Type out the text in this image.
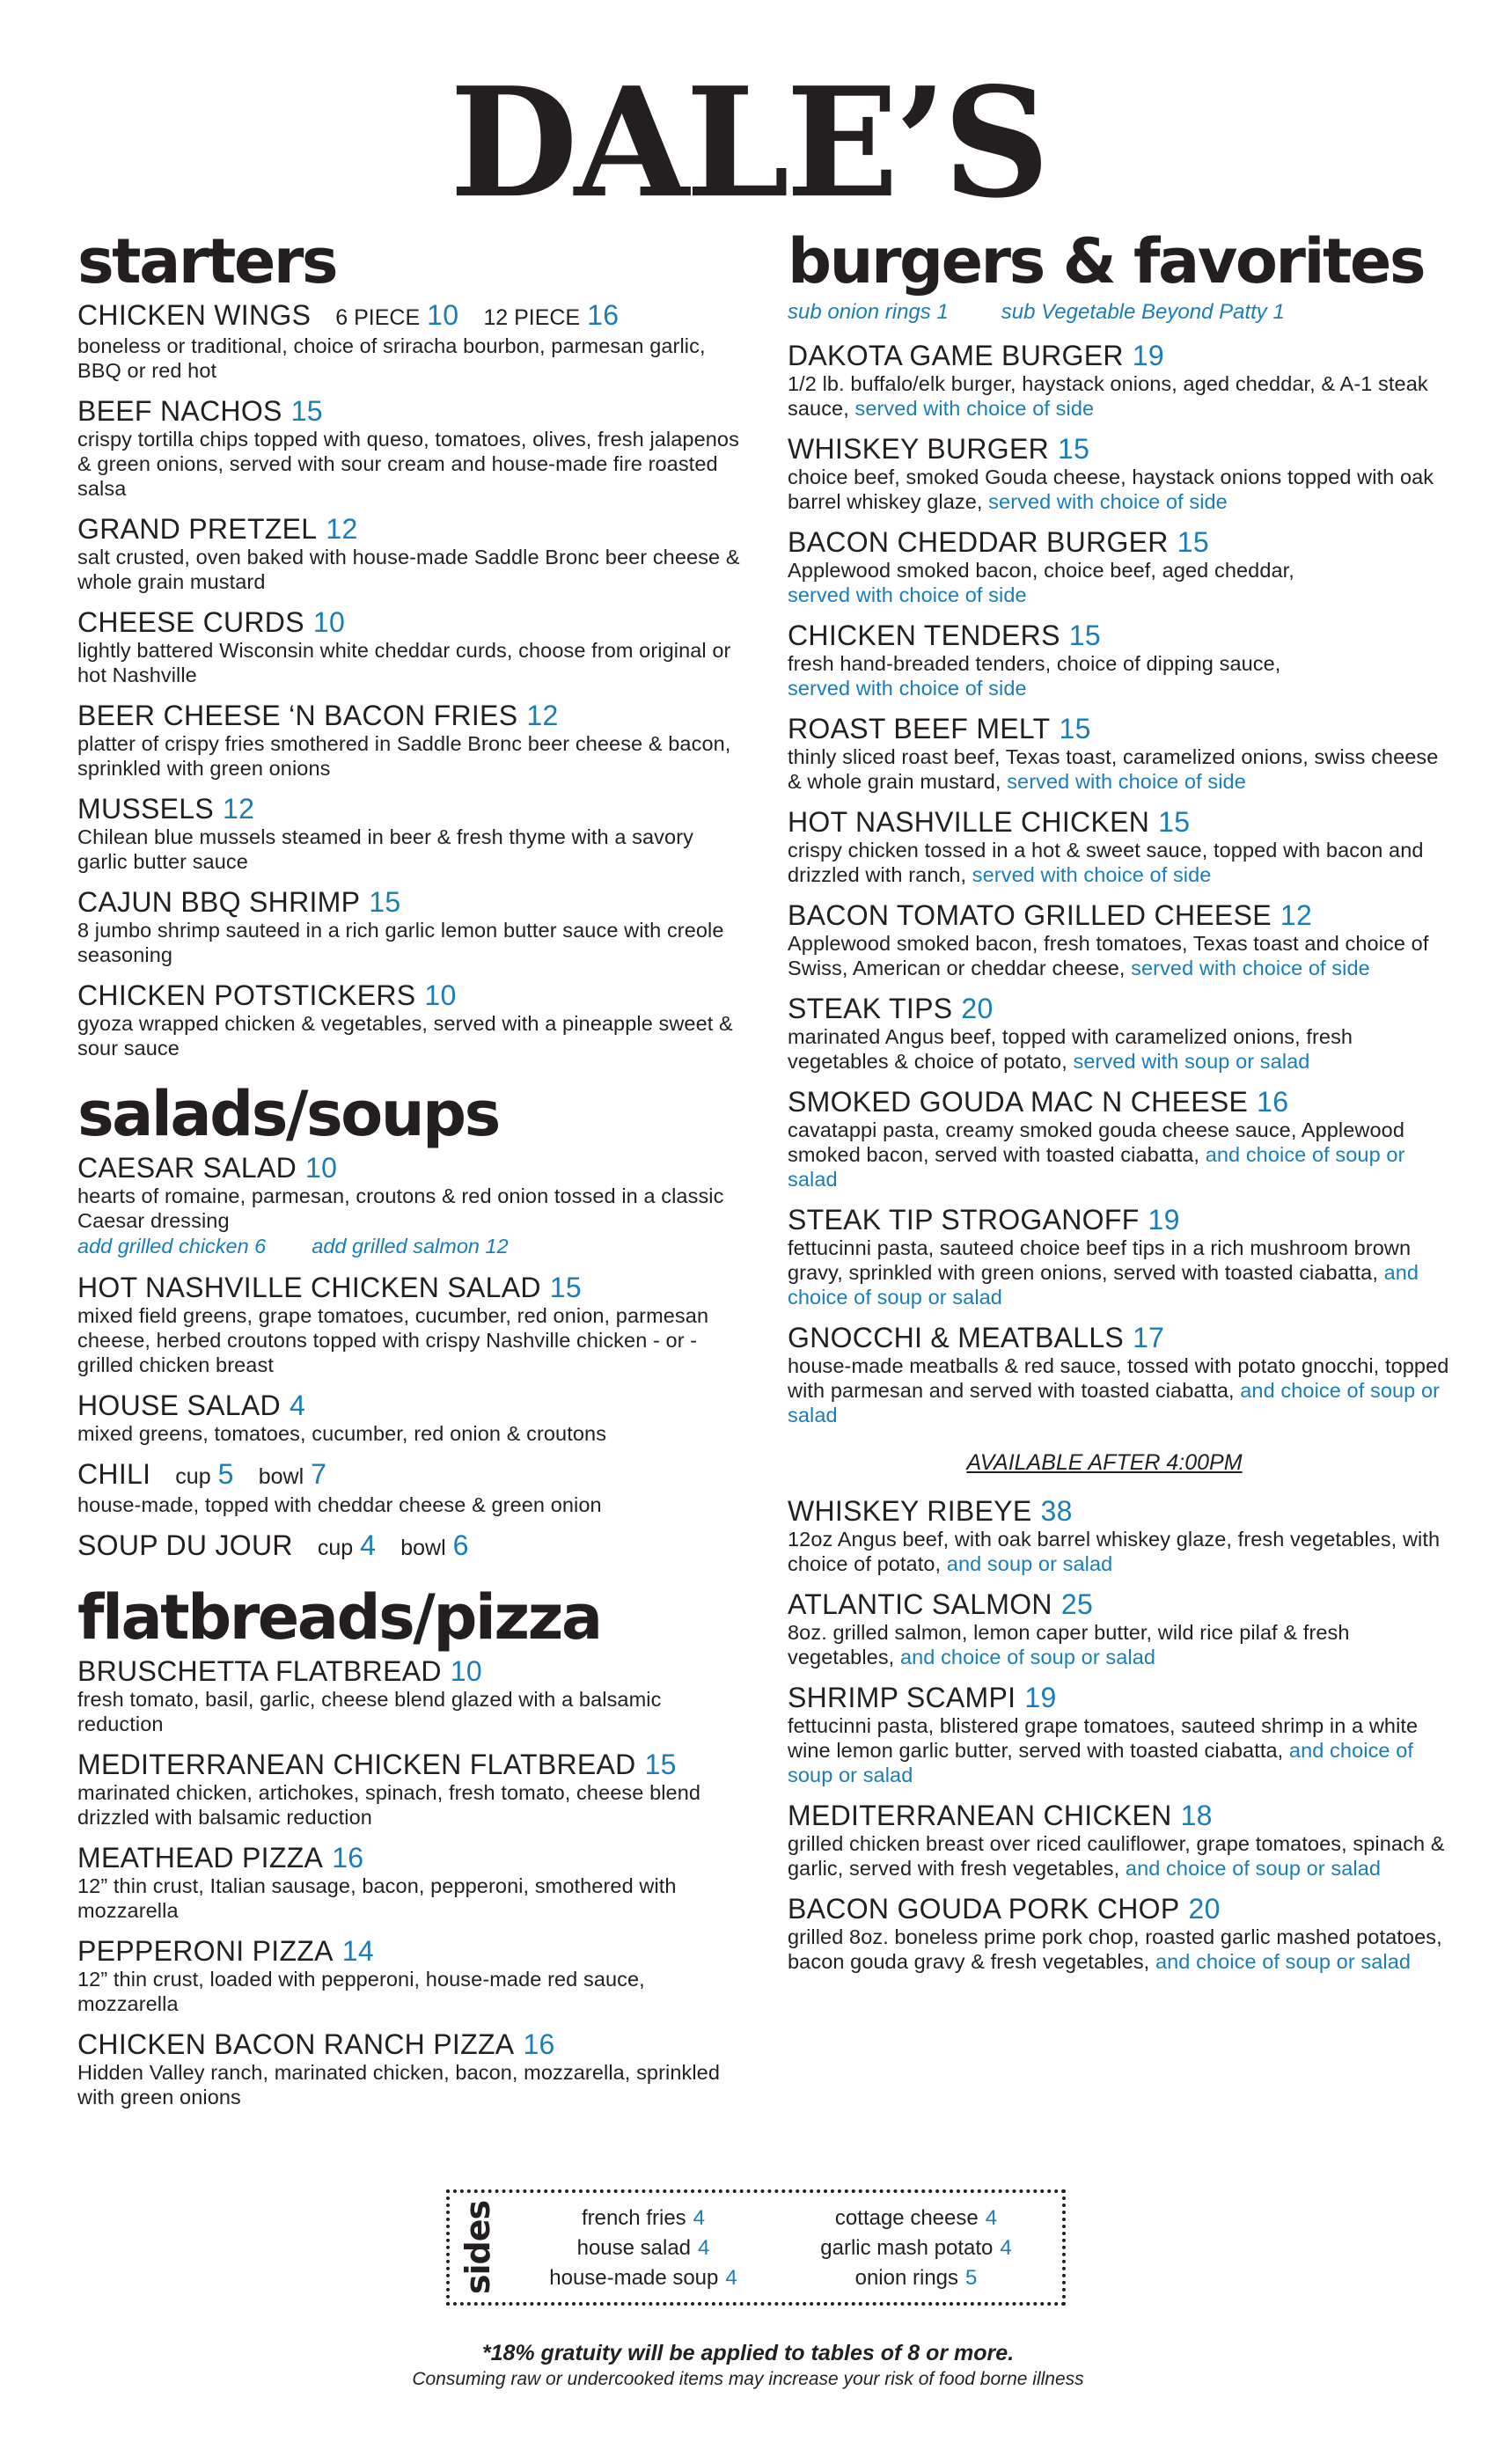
DALE’S
starters
CHICKEN WINGS 6 PIECE 10 12 PIECE 16
boneless or traditional, choice of sriracha bourbon, parmesan garlic, BBQ or red hot
BEEF NACHOS 15
crispy tortilla chips topped with queso, tomatoes, olives, fresh jalapenos & green onions, served with sour cream and house-made fire roasted salsa
GRAND PRETZEL 12
salt crusted, oven baked with house-made Saddle Bronc beer cheese & whole grain mustard
CHEESE CURDS 10
lightly battered Wisconsin white cheddar curds, choose from original or hot Nashville
BEER CHEESE ‘N BACON FRIES 12
platter of crispy fries smothered in Saddle Bronc beer cheese & bacon, sprinkled with green onions
MUSSELS 12
Chilean blue mussels steamed in beer & fresh thyme with a savory garlic butter sauce
CAJUN BBQ SHRIMP 15
8 jumbo shrimp sauteed in a rich garlic lemon butter sauce with creole seasoning
CHICKEN POTSTICKERS 10
gyoza wrapped chicken & vegetables, served with a pineapple sweet & sour sauce
salads/soups
CAESAR SALAD 10
hearts of romaine, parmesan, croutons & red onion tossed in a classic Caesar dressing
add grilled chicken 6 add grilled salmon 12
HOT NASHVILLE CHICKEN SALAD 15
mixed field greens, grape tomatoes, cucumber, red onion, parmesan cheese, herbed croutons topped with crispy Nashville chicken - or - grilled chicken breast
HOUSE SALAD 4
mixed greens, tomatoes, cucumber, red onion & croutons
CHILI cup 5 bowl 7
house-made, topped with cheddar cheese & green onion
SOUP DU JOUR cup 4 bowl 6
flatbreads/pizza
BRUSCHETTA FLATBREAD 10
fresh tomato, basil, garlic, cheese blend glazed with a balsamic reduction
MEDITERRANEAN CHICKEN FLATBREAD 15
marinated chicken, artichokes, spinach, fresh tomato, cheese blend drizzled with balsamic reduction
MEATHEAD PIZZA 16
12” thin crust, Italian sausage, bacon, pepperoni, smothered with mozzarella
PEPPERONI PIZZA 14
12” thin crust, loaded with pepperoni, house-made red sauce, mozzarella
CHICKEN BACON RANCH PIZZA 16
Hidden Valley ranch, marinated chicken, bacon, mozzarella, sprinkled with green onions
burgers & favorites
sub onion rings 1	sub Vegetable Beyond Patty 1
DAKOTA GAME BURGER 19
1/2 lb. buffalo/elk burger, haystack onions, aged cheddar, & A-1 steak sauce, served with choice of side
WHISKEY BURGER 15
choice beef, smoked Gouda cheese, haystack onions topped with oak barrel whiskey glaze, served with choice of side
BACON CHEDDAR BURGER 15
Applewood smoked bacon, choice beef, aged cheddar,
served with choice of side
CHICKEN TENDERS 15
fresh hand-breaded tenders, choice of dipping sauce,
served with choice of side
ROAST BEEF MELT 15
thinly sliced roast beef, Texas toast, caramelized onions, swiss cheese & whole grain mustard, served with choice of side
HOT NASHVILLE CHICKEN 15
crispy chicken tossed in a hot & sweet sauce, topped with bacon and drizzled with ranch, served with choice of side
BACON TOMATO GRILLED CHEESE 12
Applewood smoked bacon, fresh tomatoes, Texas toast and choice of Swiss, American or cheddar cheese, served with choice of side
STEAK TIPS 20
marinated Angus beef, topped with caramelized onions, fresh vegetables & choice of potato, served with soup or salad
SMOKED GOUDA MAC N CHEESE 16
cavatappi pasta, creamy smoked gouda cheese sauce, Applewood smoked bacon, served with toasted ciabatta, and choice of soup or salad
STEAK TIP STROGANOFF 19
fettucinni pasta, sauteed choice beef tips in a rich mushroom brown gravy, sprinkled with green onions, served with toasted ciabatta, and choice of soup or salad
GNOCCHI & MEATBALLS 17
house-made meatballs & red sauce, tossed with potato gnocchi, topped with parmesan and served with toasted ciabatta, and choice of soup or salad
AVAILABLE AFTER 4:00PM
WHISKEY RIBEYE 38
12oz Angus beef, with oak barrel whiskey glaze, fresh vegetables, with choice of potato, and soup or salad
ATLANTIC SALMON 25
8oz. grilled salmon, lemon caper butter, wild rice pilaf & fresh vegetables, and choice of soup or salad
SHRIMP SCAMPI 19
fettucinni pasta, blistered grape tomatoes, sauteed shrimp in a white wine lemon garlic butter, served with toasted ciabatta, and choice of soup or salad
MEDITERRANEAN CHICKEN 18
grilled chicken breast over riced cauliflower, grape tomatoes, spinach & garlic, served with fresh vegetables, and choice of soup or salad
BACON GOUDA PORK CHOP 20
grilled 8oz. boneless prime pork chop, roasted garlic mashed potatoes, bacon gouda gravy & fresh vegetables, and choice of soup or salad
sides	french fries 4
house salad 4
house-made soup 4
cottage cheese 4
garlic mash potato 4
onion rings 5
*18% gratuity will be applied to tables of 8 or more.
Consuming raw or undercooked items may increase your risk of food borne illness
